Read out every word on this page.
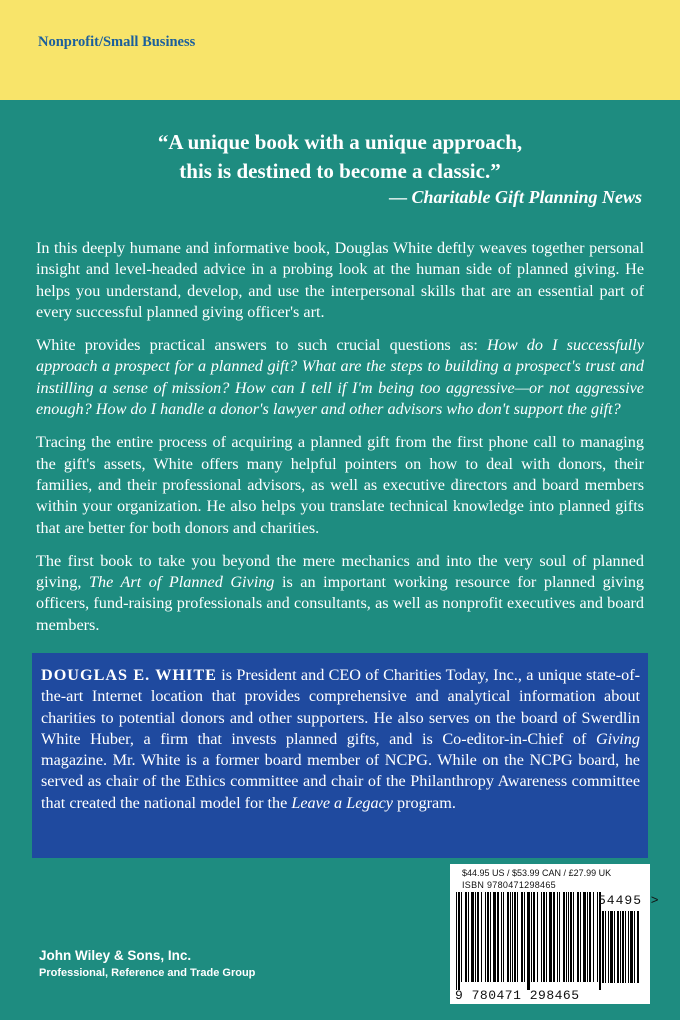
Nonprofit/Small Business
“A unique book with a unique approach,
this is destined to become a classic.”
— Charitable Gift Planning News

In this deeply humane and informative book, Douglas White deftly weaves together personal insight and level-headed advice in a probing look at the human side of planned giving. He helps you understand, develop, and use the interpersonal skills that are an essential part of every successful planned giving officer's art.

White provides practical answers to such crucial questions as: How do I successfully approach a prospect for a planned gift? What are the steps to building a prospect's trust and instilling a sense of mission? How can I tell if I'm being too aggressive—or not aggressive enough? How do I handle a donor's lawyer and other advisors who don't support the gift?

Tracing the entire process of acquiring a planned gift from the first phone call to managing the gift's assets, White offers many helpful pointers on how to deal with donors, their families, and their professional advisors, as well as executive directors and board members within your organization. He also helps you translate technical knowledge into planned gifts that are better for both donors and charities.

The first book to take you beyond the mere mechanics and into the very soul of planned giving, The Art of Planned Giving is an important working resource for planned giving officers, fund-raising professionals and consultants, as well as nonprofit executives and board members.

DOUGLAS E. WHITE is President and CEO of Charities Today, Inc., a unique state-of-the-art Internet location that provides comprehensive and analytical information about charities to potential donors and other supporters. He also serves on the board of Swerdlin White Huber, a firm that invests planned gifts, and is Co-editor-in-Chief of Giving magazine. Mr. White is a former board member of NCPG. While on the NCPG board, he served as chair of the Ethics committee and chair of the Philanthropy Awareness committee that created the national model for the Leave a Legacy program.
John Wiley & Sons, Inc.
Professional, Reference and Trade Group
$44.95 US / $53.99 CAN / £27.99 UK
ISBN 9780471298465
9 780471 298465
54495 >
